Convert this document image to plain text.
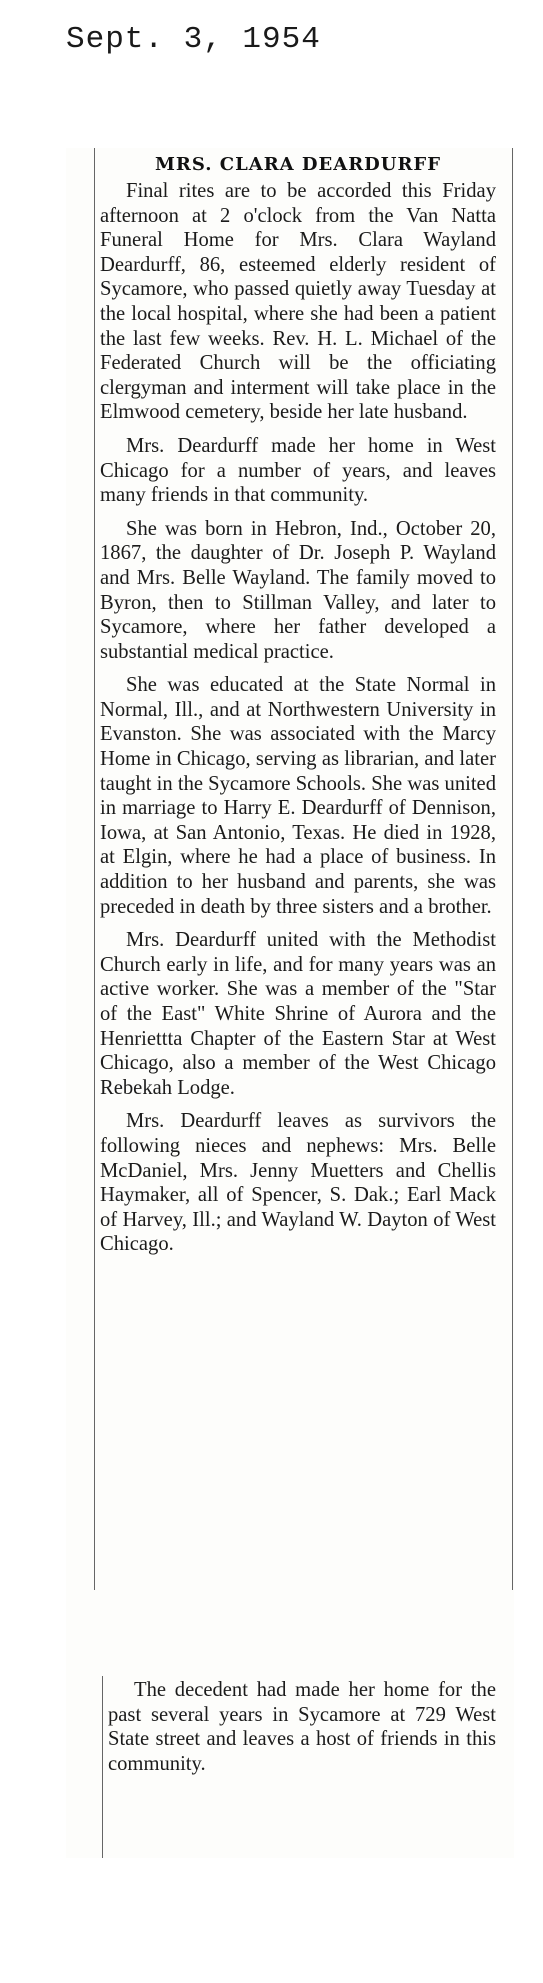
Sept. 3, 1954
MRS. CLARA DEARDURFF

Final rites are to be accorded this Friday afternoon at 2 o'clock from the Van Natta Funeral Home for Mrs. Clara Wayland Deardurff, 86, esteemed elderly resident of Sycamore, who passed quietly away Tuesday at the local hospital, where she had been a patient the last few weeks. Rev. H. L. Michael of the Federated Church will be the officiating clergyman and interment will take place in the Elmwood cemetery, beside her late husband.

Mrs. Deardurff made her home in West Chicago for a number of years, and leaves many friends in that community.

She was born in Hebron, Ind., October 20, 1867, the daughter of Dr. Joseph P. Wayland and Mrs. Belle Wayland. The family moved to Byron, then to Stillman Valley, and later to Sycamore, where her father developed a substantial medical practice.

She was educated at the State Normal in Normal, Ill., and at Northwestern University in Evanston. She was associated with the Marcy Home in Chicago, serving as librarian, and later taught in the Sycamore Schools. She was united in marriage to Harry E. Deardurff of Dennison, Iowa, at San Antonio, Texas. He died in 1928, at Elgin, where he had a place of business. In addition to her husband and parents, she was preceded in death by three sisters and a brother.

Mrs. Deardurff united with the Methodist Church early in life, and for many years was an active worker. She was a member of the "Star of the East" White Shrine of Aurora and the Henriettta Chapter of the Eastern Star at West Chicago, also a member of the West Chicago Rebekah Lodge.

Mrs. Deardurff leaves as survivors the following nieces and nephews: Mrs. Belle McDaniel, Mrs. Jenny Muetters and Chellis Haymaker, all of Spencer, S. Dak.; Earl Mack of Harvey, Ill.; and Wayland W. Dayton of West Chicago.

The decedent had made her home for the past several years in Sycamore at 729 West State street and leaves a host of friends in this community.
